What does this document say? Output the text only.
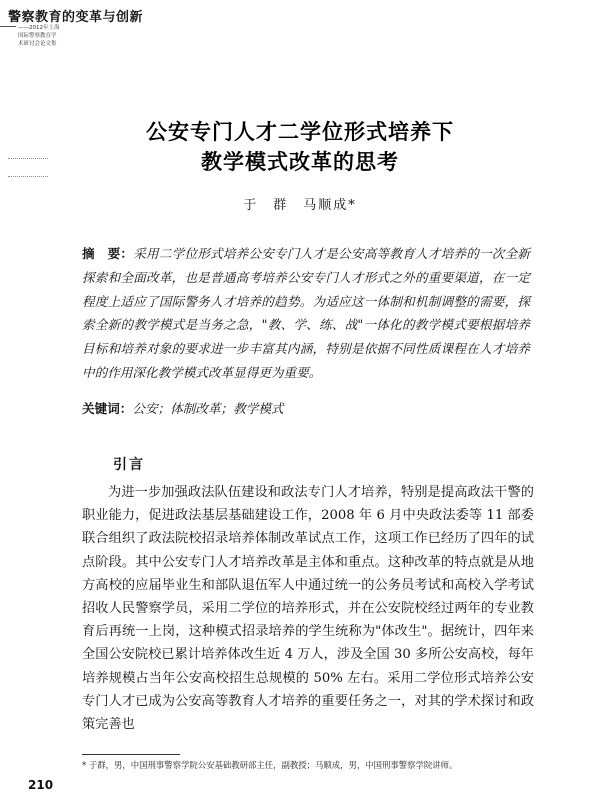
警察教育的变革与创新
——2012年上海
国际警察教育学
术研讨会论文集
公安专门人才二学位形式培养下
教学模式改革的思考
于　群　马顺成*
摘　要：采用二学位形式培养公安专门人才是公安高等教育人才培养的一次全新探索和全面改革，也是普通高考培养公安专门人才形式之外的重要渠道，在一定程度上适应了国际警务人才培养的趋势。为适应这一体制和机制调整的需要，探索全新的教学模式是当务之急，"教、学、练、战"一体化的教学模式要根据培养目标和培养对象的要求进一步丰富其内涵，特别是依据不同性质课程在人才培养中的作用深化教学模式改革显得更为重要。
关键词：公安；体制改革；教学模式
引言

为进一步加强政法队伍建设和政法专门人才培养，特别是提高政法干警的职业能力，促进政法基层基础建设工作，2008 年 6 月中央政法委等 11 部委联合组织了政法院校招录培养体制改革试点工作，这项工作已经历了四年的试点阶段。其中公安专门人才培养改革是主体和重点。这种改革的特点就是从地方高校的应届毕业生和部队退伍军人中通过统一的公务员考试和高校入学考试招收人民警察学员，采用二学位的培养形式，并在公安院校经过两年的专业教育后再统一上岗，这种模式招录培养的学生统称为"体改生"。据统计，四年来全国公安院校已累计培养体改生近 4 万人，涉及全国 30 多所公安高校，每年培养规模占当年公安高校招生总规模的 50% 左右。采用二学位形式培养公安专门人才已成为公安高等教育人才培养的重要任务之一，对其的学术探讨和政策完善也

* 于群，男，中国刑事警察学院公安基础教研部主任，副教授；马顺成，男，中国刑事警察学院讲师。
210
